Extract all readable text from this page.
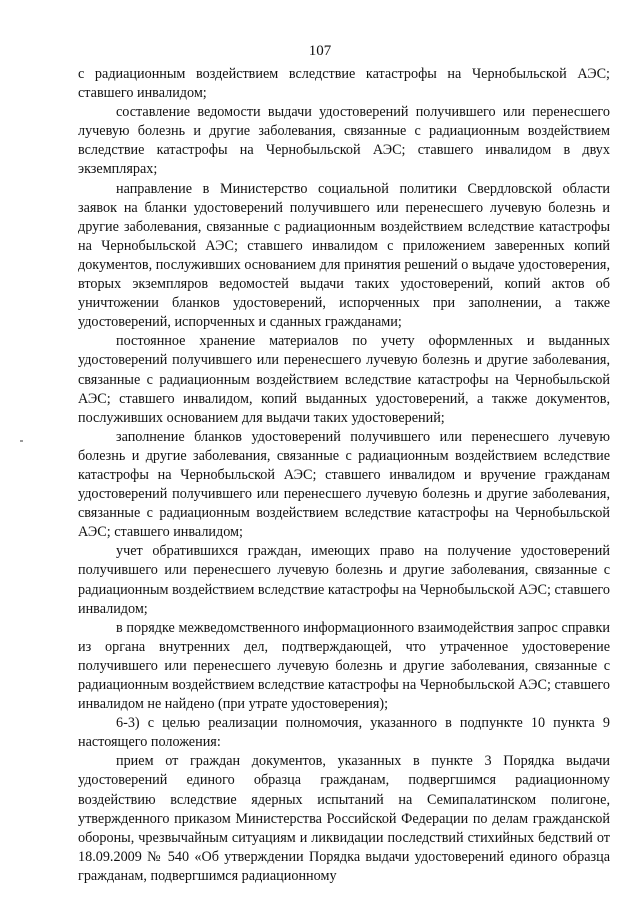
107

с радиационным воздействием вследствие катастрофы на Чернобыльской АЭС; ставшего инвалидом;

составление ведомости выдачи удостоверений получившего или перенесшего лучевую болезнь и другие заболевания, связанные с радиационным воздействием вследствие катастрофы на Чернобыльской АЭС; ставшего инвалидом в двух экземплярах;

направление в Министерство социальной политики Свердловской области заявок на бланки удостоверений получившего или перенесшего лучевую болезнь и другие заболевания, связанные с радиационным воздействием вследствие катастрофы на Чернобыльской АЭС; ставшего инвалидом с приложением заверенных копий документов, послуживших основанием для принятия решений о выдаче удостоверения, вторых экземпляров ведомостей выдачи таких удостоверений, копий актов об уничтожении бланков удостоверений, испорченных при заполнении, а также удостоверений, испорченных и сданных гражданами;

постоянное хранение материалов по учету оформленных и выданных удостоверений получившего или перенесшего лучевую болезнь и другие заболевания, связанные с радиационным воздействием вследствие катастрофы на Чернобыльской АЭС; ставшего инвалидом, копий выданных удостоверений, а также документов, послуживших основанием для выдачи таких удостоверений;

заполнение бланков удостоверений получившего или перенесшего лучевую болезнь и другие заболевания, связанные с радиационным воздействием вследствие катастрофы на Чернобыльской АЭС; ставшего инвалидом и вручение гражданам удостоверений получившего или перенесшего лучевую болезнь и другие заболевания, связанные с радиационным воздействием вследствие катастрофы на Чернобыльской АЭС; ставшего инвалидом;

учет обратившихся граждан, имеющих право на получение удостоверений получившего или перенесшего лучевую болезнь и другие заболевания, связанные с радиационным воздействием вследствие катастрофы на Чернобыльской АЭС; ставшего инвалидом;

в порядке межведомственного информационного взаимодействия запрос справки из органа внутренних дел, подтверждающей, что утраченное удостоверение получившего или перенесшего лучевую болезнь и другие заболевания, связанные с радиационным воздействием вследствие катастрофы на Чернобыльской АЭС; ставшего инвалидом не найдено (при утрате удостоверения);

6-3) с целью реализации полномочия, указанного в подпункте 10 пункта 9 настоящего положения:

прием от граждан документов, указанных в пункте 3 Порядка выдачи удостоверений единого образца гражданам, подвергшимся радиационному воздействию вследствие ядерных испытаний на Семипалатинском полигоне, утвержденного приказом Министерства Российской Федерации по делам гражданской обороны, чрезвычайным ситуациям и ликвидации последствий стихийных бедствий от 18.09.2009 № 540 «Об утверждении Порядка выдачи удостоверений единого образца гражданам, подвергшимся радиационному
